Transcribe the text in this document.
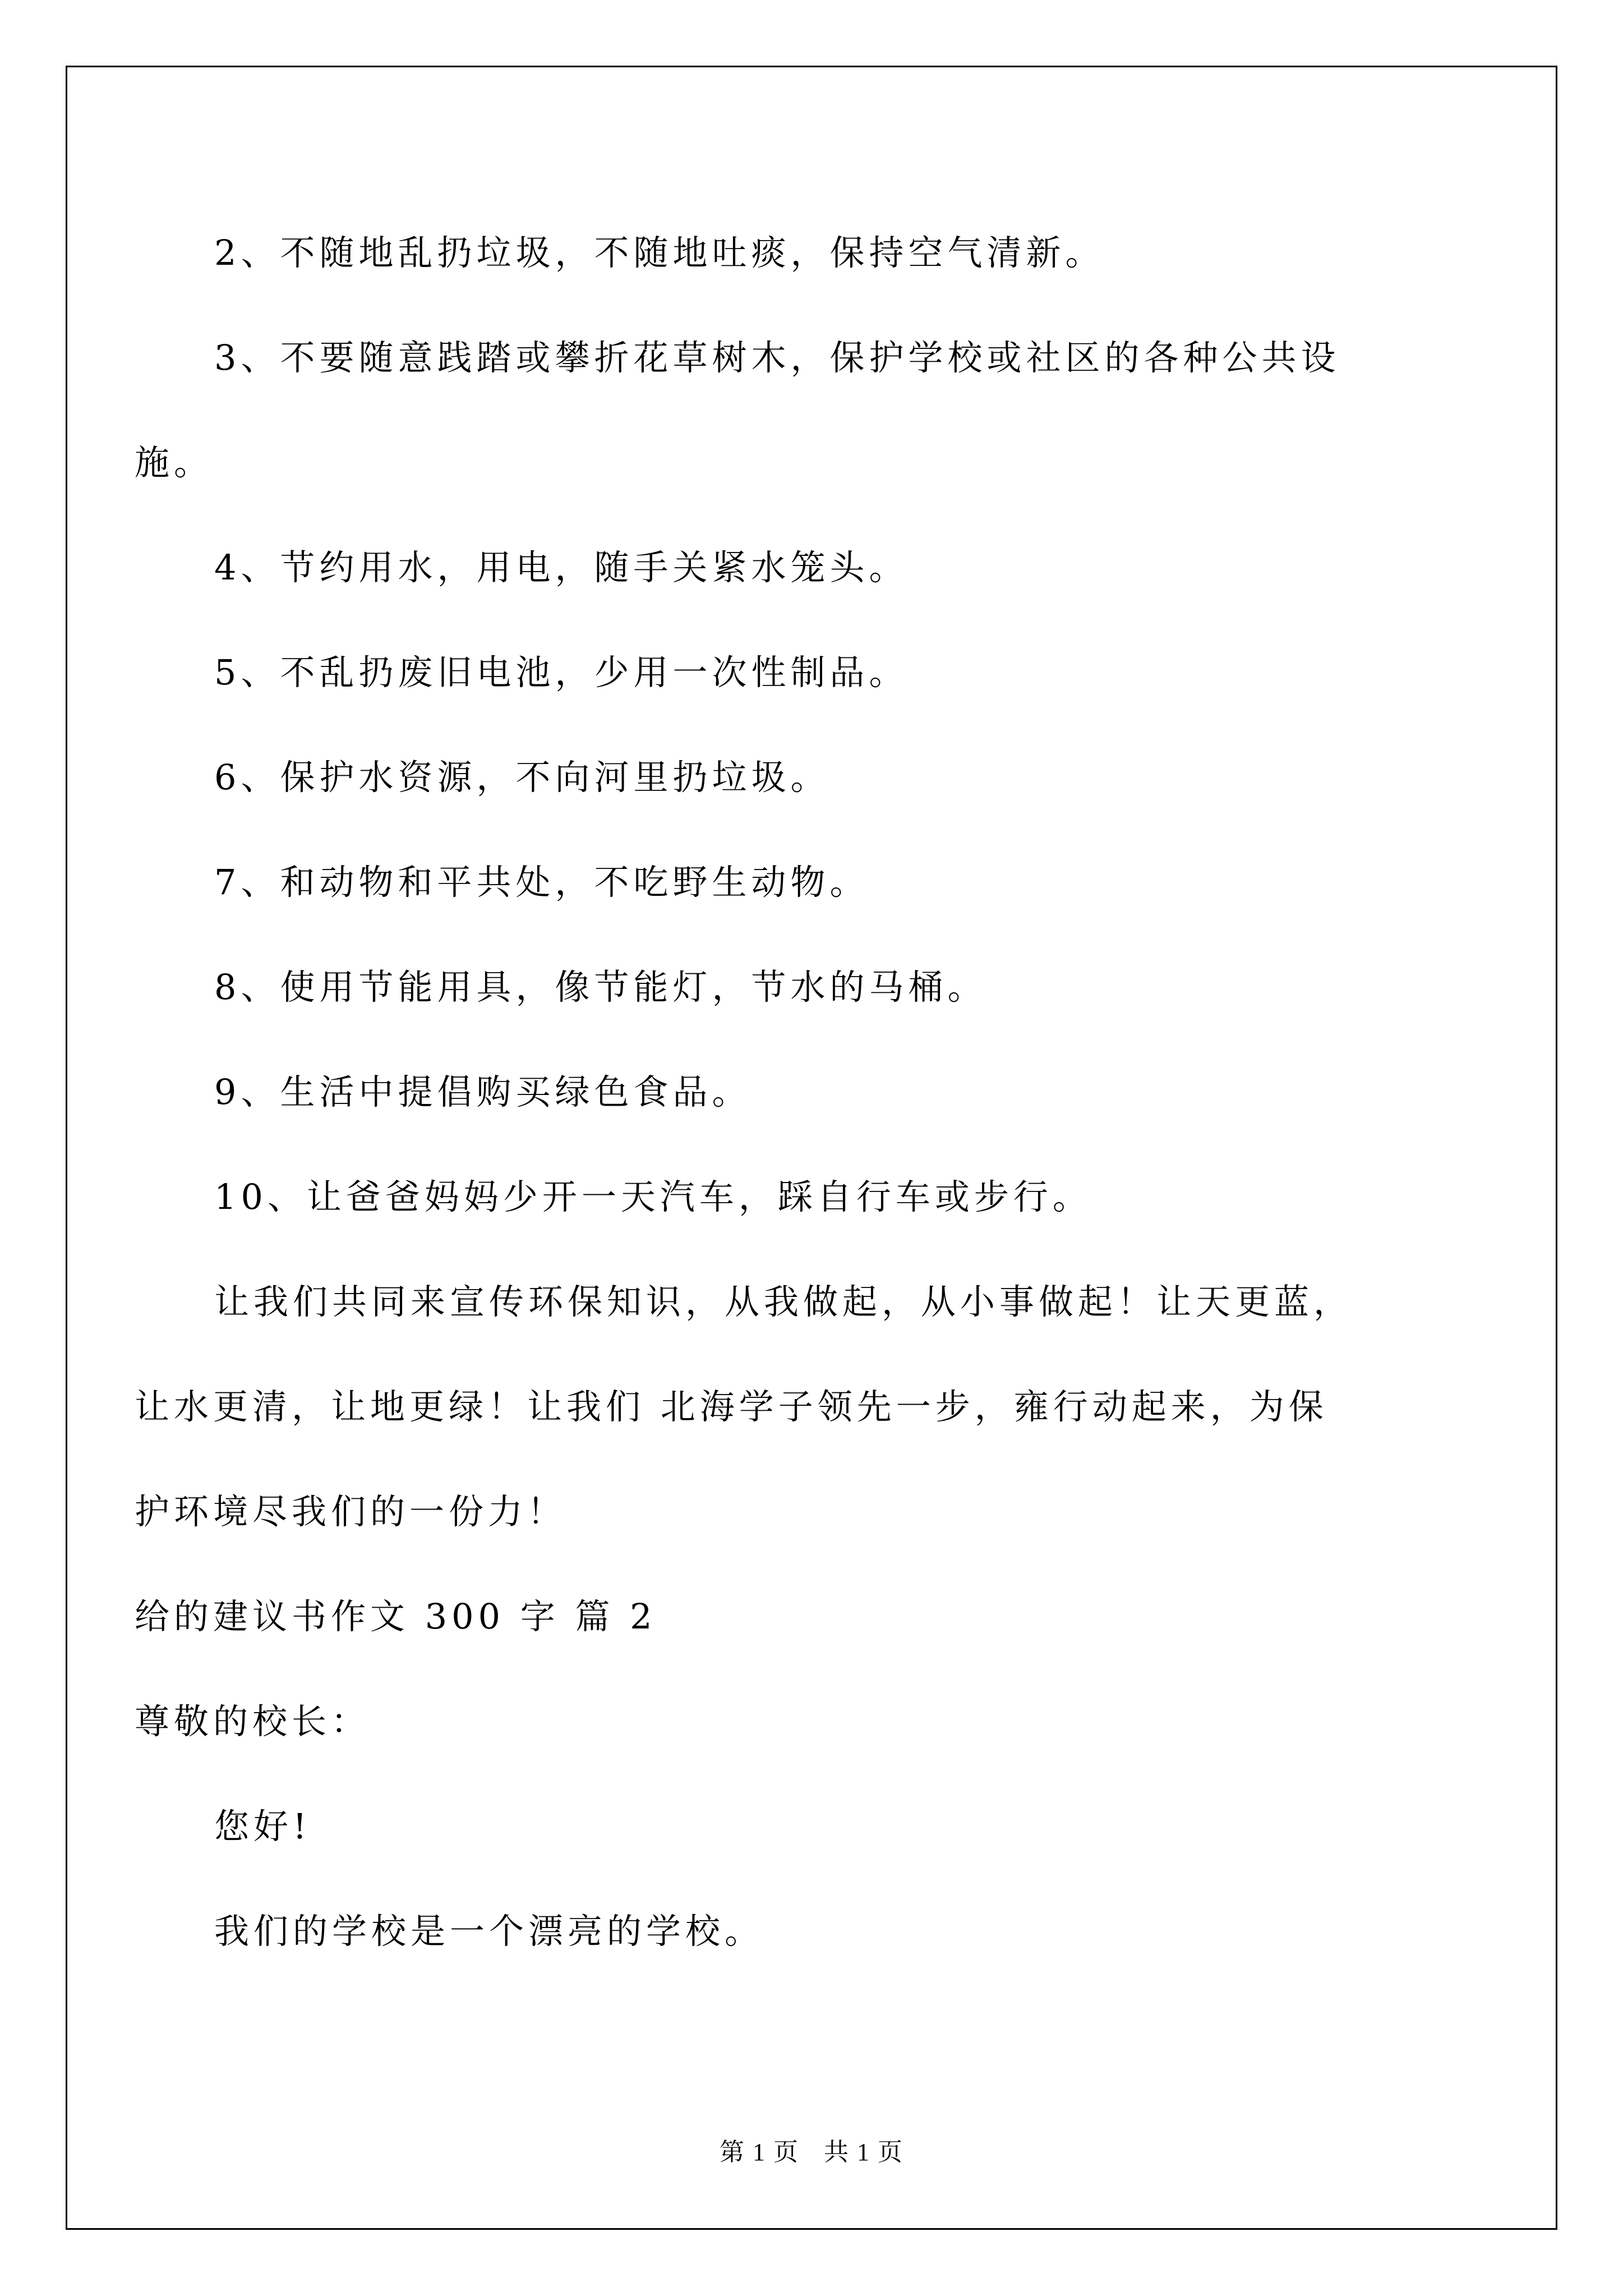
2、不随地乱扔垃圾，不随地吐痰，保持空气清新。
3、不要随意践踏或攀折花草树木，保护学校或社区的各种公共设
施。
4、节约用水，用电，随手关紧水笼头。
5、不乱扔废旧电池，少用一次性制品。
6、保护水资源，不向河里扔垃圾。
7、和动物和平共处，不吃野生动物。
8、使用节能用具，像节能灯，节水的马桶。
9、生活中提倡购买绿色食品。
10、让爸爸妈妈少开一天汽车，踩自行车或步行。
让我们共同来宣传环保知识，从我做起，从小事做起！让天更蓝，
让水更清，让地更绿！让我们 北海学子领先一步，雍行动起来，为保
护环境尽我们的一份力！
给的建议书作文 300 字 篇 2
尊敬的校长：
您好!
我们的学校是一个漂亮的学校。
第 1 页 共 1 页
